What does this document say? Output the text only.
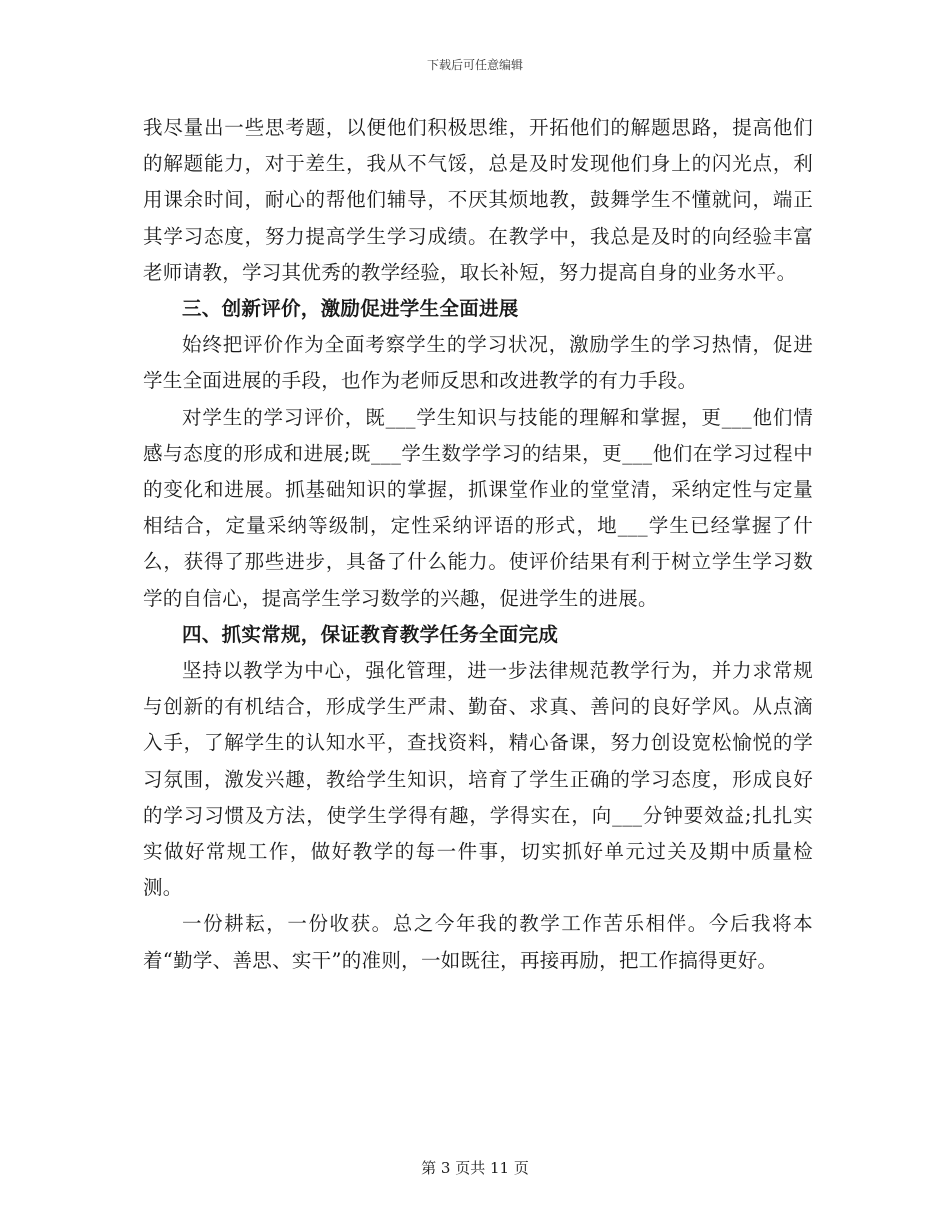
下载后可任意编辑

我尽量出一些思考题，以便他们积极思维，开拓他们的解题思路，提高他们的解题能力，对于差生，我从不气馁，总是及时发现他们身上的闪光点，利用课余时间，耐心的帮他们辅导，不厌其烦地教，鼓舞学生不懂就问，端正其学习态度，努力提高学生学习成绩。在教学中，我总是及时的向经验丰富老师请教，学习其优秀的教学经验，取长补短，努力提高自身的业务水平。

三、创新评价，激励促进学生全面进展

始终把评价作为全面考察学生的学习状况，激励学生的学习热情，促进学生全面进展的手段，也作为老师反思和改进教学的有力手段。

对学生的学习评价，既___学生知识与技能的理解和掌握，更___他们情感与态度的形成和进展;既___学生数学学习的结果，更___他们在学习过程中的变化和进展。抓基础知识的掌握，抓课堂作业的堂堂清，采纳定性与定量相结合，定量采纳等级制，定性采纳评语的形式，地___学生已经掌握了什么，获得了那些进步，具备了什么能力。使评价结果有利于树立学生学习数学的自信心，提高学生学习数学的兴趣，促进学生的进展。

四、抓实常规，保证教育教学任务全面完成

坚持以教学为中心，强化管理，进一步法律规范教学行为，并力求常规与创新的有机结合，形成学生严肃、勤奋、求真、善问的良好学风。从点滴入手，了解学生的认知水平，查找资料，精心备课，努力创设宽松愉悦的学习氛围，激发兴趣，教给学生知识，培育了学生正确的学习态度，形成良好的学习习惯及方法，使学生学得有趣，学得实在，向___分钟要效益;扎扎实实做好常规工作，做好教学的每一件事，切实抓好单元过关及期中质量检测。

一份耕耘，一份收获。总之今年我的教学工作苦乐相伴。今后我将本着“勤学、善思、实干”的准则，一如既往，再接再励，把工作搞得更好。

第 3 页共 11 页
